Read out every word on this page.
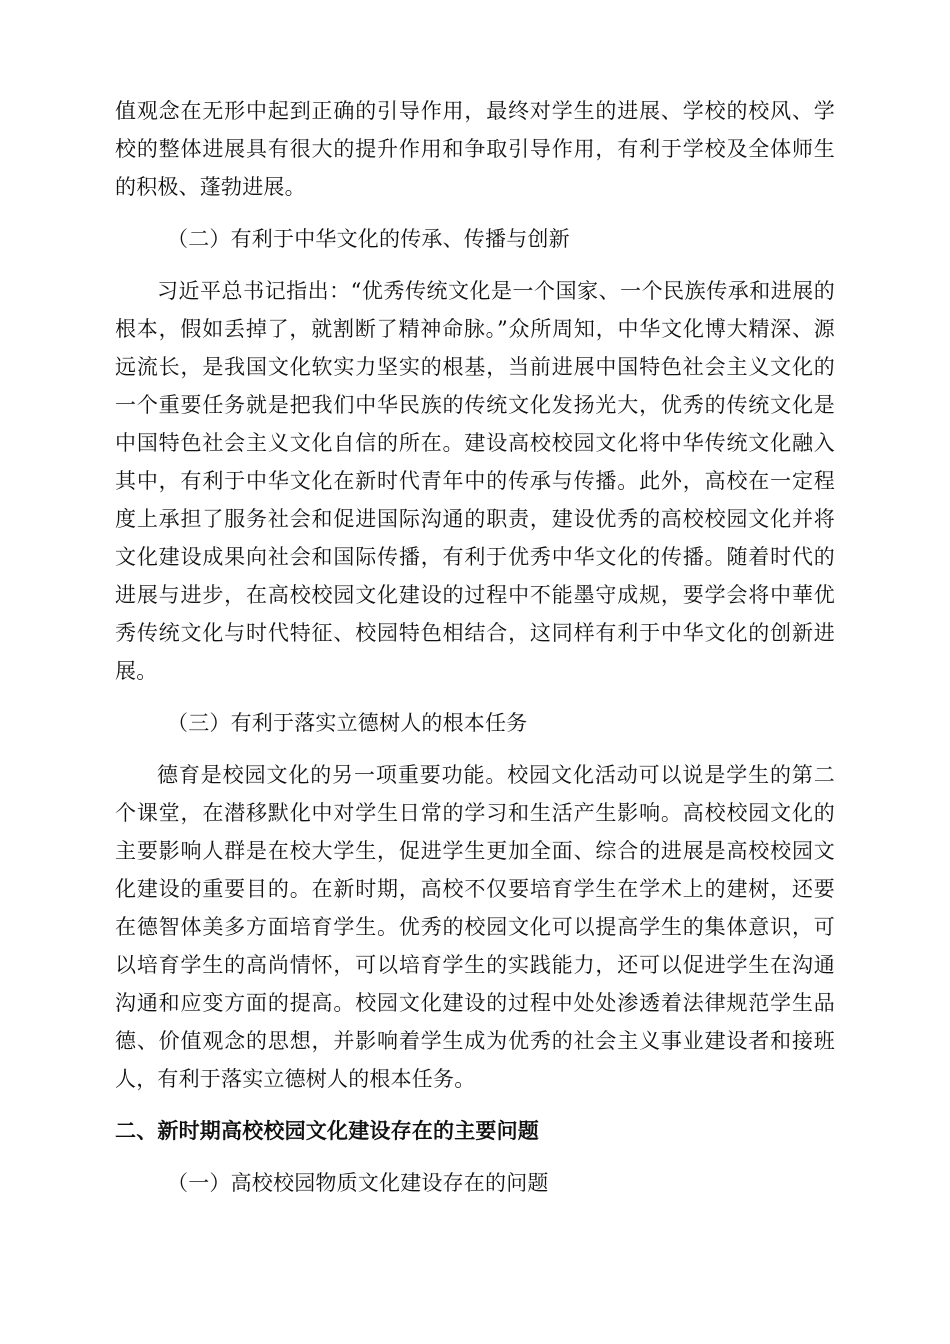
值观念在无形中起到正确的引导作用，最终对学生的进展、学校的校风、学校的整体进展具有很大的提升作用和争取引导作用，有利于学校及全体师生的积极、蓬勃进展。

（二）有利于中华文化的传承、传播与创新

习近平总书记指出：“优秀传统文化是一个国家、一个民族传承和进展的根本，假如丢掉了，就割断了精神命脉。”众所周知，中华文化博大精深、源远流长，是我国文化软实力坚实的根基，当前进展中国特色社会主义文化的一个重要任务就是把我们中华民族的传统文化发扬光大，优秀的传统文化是中国特色社会主义文化自信的所在。建设高校校园文化将中华传统文化融入其中，有利于中华文化在新时代青年中的传承与传播。此外，高校在一定程度上承担了服务社会和促进国际沟通的职责，建设优秀的高校校园文化并将文化建设成果向社会和国际传播，有利于优秀中华文化的传播。随着时代的进展与进步，在高校校园文化建设的过程中不能墨守成规，要学会将中華优秀传统文化与时代特征、校园特色相结合，这同样有利于中华文化的创新进展。

（三）有利于落实立德树人的根本任务

德育是校园文化的另一项重要功能。校园文化活动可以说是学生的第二个课堂，在潜移默化中对学生日常的学习和生活产生影响。高校校园文化的主要影响人群是在校大学生，促进学生更加全面、综合的进展是高校校园文化建设的重要目的。在新时期，高校不仅要培育学生在学术上的建树，还要在德智体美多方面培育学生。优秀的校园文化可以提高学生的集体意识，可以培育学生的高尚情怀，可以培育学生的实践能力，还可以促进学生在沟通沟通和应变方面的提高。校园文化建设的过程中处处渗透着法律规范学生品德、价值观念的思想，并影响着学生成为优秀的社会主义事业建设者和接班人，有利于落实立德树人的根本任务。

二、新时期高校校园文化建设存在的主要问题

（一）高校校园物质文化建设存在的问题
